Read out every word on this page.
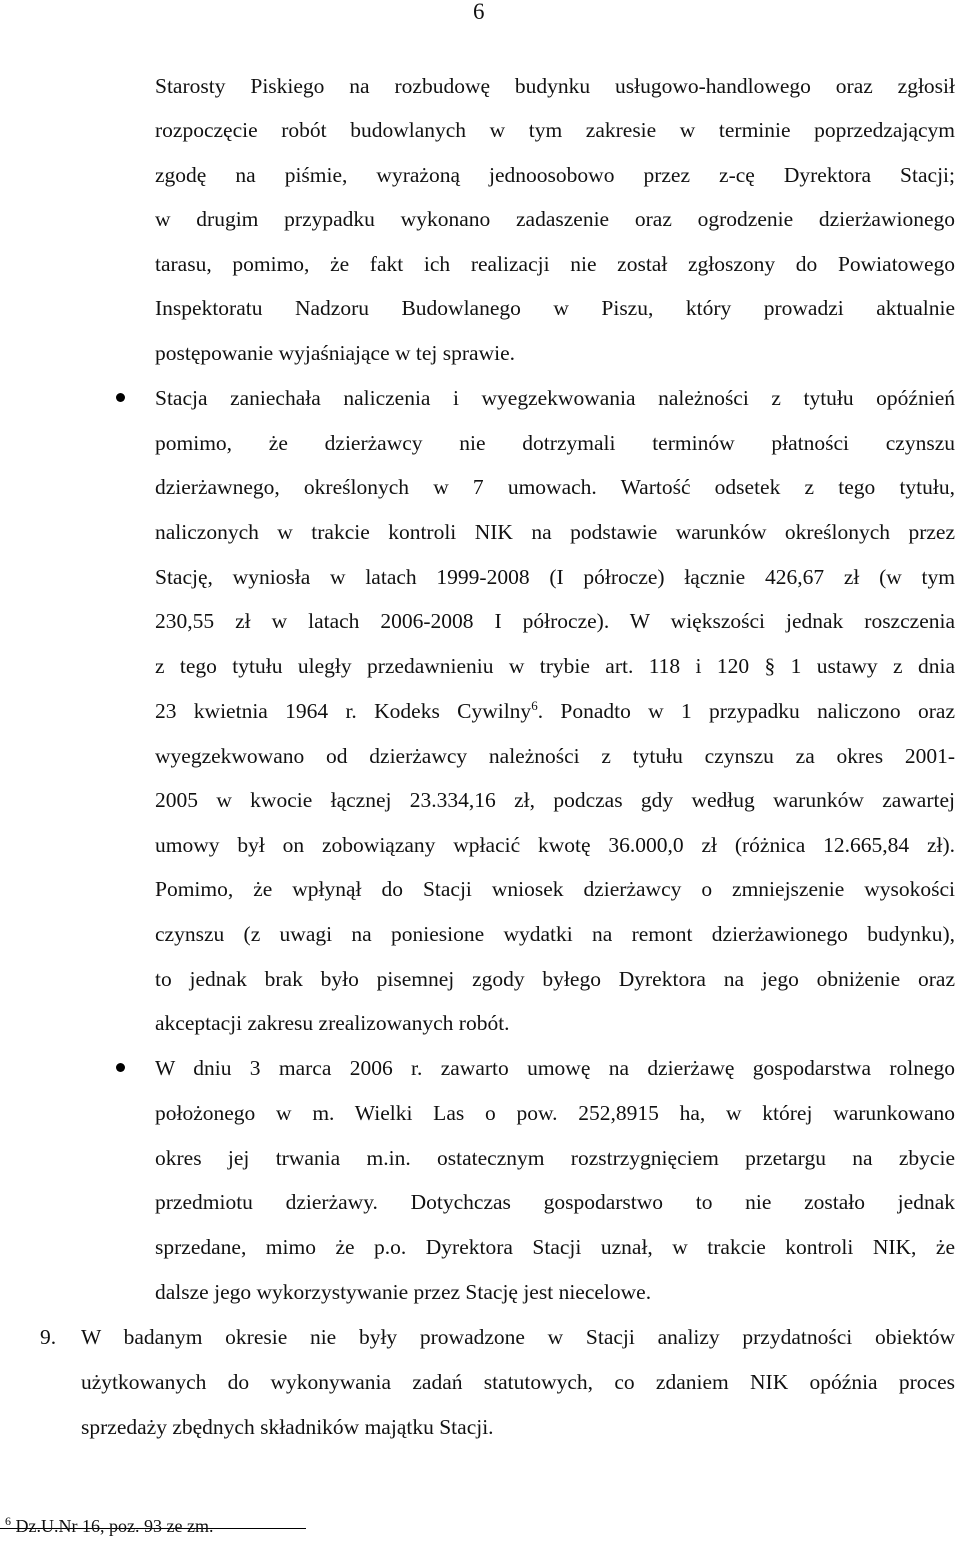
6
Starosty Piskiego na rozbudowę budynku usługowo-handlowego oraz zgłosił
rozpoczęcie robót budowlanych w tym zakresie w terminie poprzedzającym
zgodę na piśmie, wyrażoną jednoosobowo przez z-cę Dyrektora Stacji;
w drugim przypadku wykonano zadaszenie oraz ogrodzenie dzierżawionego
tarasu, pomimo, że fakt ich realizacji nie został zgłoszony do Powiatowego
Inspektoratu Nadzoru Budowlanego w Piszu, który prowadzi aktualnie
postępowanie wyjaśniające w tej sprawie.
Stacja zaniechała naliczenia i wyegzekwowania należności z tytułu opóźnień
pomimo, że dzierżawcy nie dotrzymali terminów płatności czynszu
dzierżawnego, określonych w 7 umowach. Wartość odsetek z tego tytułu,
naliczonych w trakcie kontroli NIK na podstawie warunków określonych przez
Stację, wyniosła w latach 1999-2008 (I półrocze) łącznie 426,67 zł (w tym
230,55 zł w latach 2006-2008 I półrocze). W większości jednak roszczenia
z tego tytułu uległy przedawnieniu w trybie art. 118 i 120 § 1 ustawy z dnia
23 kwietnia 1964 r. Kodeks Cywilny$^6$. Ponadto w 1 przypadku naliczono oraz
wyegzekwowano od dzierżawcy należności z tytułu czynszu za okres 2001-
2005 w kwocie łącznej 23.334,16 zł, podczas gdy według warunków zawartej
umowy był on zobowiązany wpłacić kwotę 36.000,0 zł (różnica 12.665,84 zł).
Pomimo, że wpłynął do Stacji wniosek dzierżawcy o zmniejszenie wysokości
czynszu (z uwagi na poniesione wydatki na remont dzierżawionego budynku),
to jednak brak było pisemnej zgody byłego Dyrektora na jego obniżenie oraz
akceptacji zakresu zrealizowanych robót.
W dniu 3 marca 2006 r. zawarto umowę na dzierżawę gospodarstwa rolnego
położonego w m. Wielki Las o pow. 252,8915 ha, w której warunkowano
okres jej trwania m.in. ostatecznym rozstrzygnięciem przetargu na zbycie
przedmiotu dzierżawy. Dotychczas gospodarstwo to nie zostało jednak
sprzedane, mimo że p.o. Dyrektora Stacji uznał, w trakcie kontroli NIK, że
dalsze jego wykorzystywanie przez Stację jest niecelowe.
9. W badanym okresie nie były prowadzone w Stacji analizy przydatności obiektów
użytkowanych do wykonywania zadań statutowych, co zdaniem NIK opóźnia proces
sprzedaży zbędnych składników majątku Stacji.
$^6$ Dz.U.Nr 16, poz. 93 ze zm.
